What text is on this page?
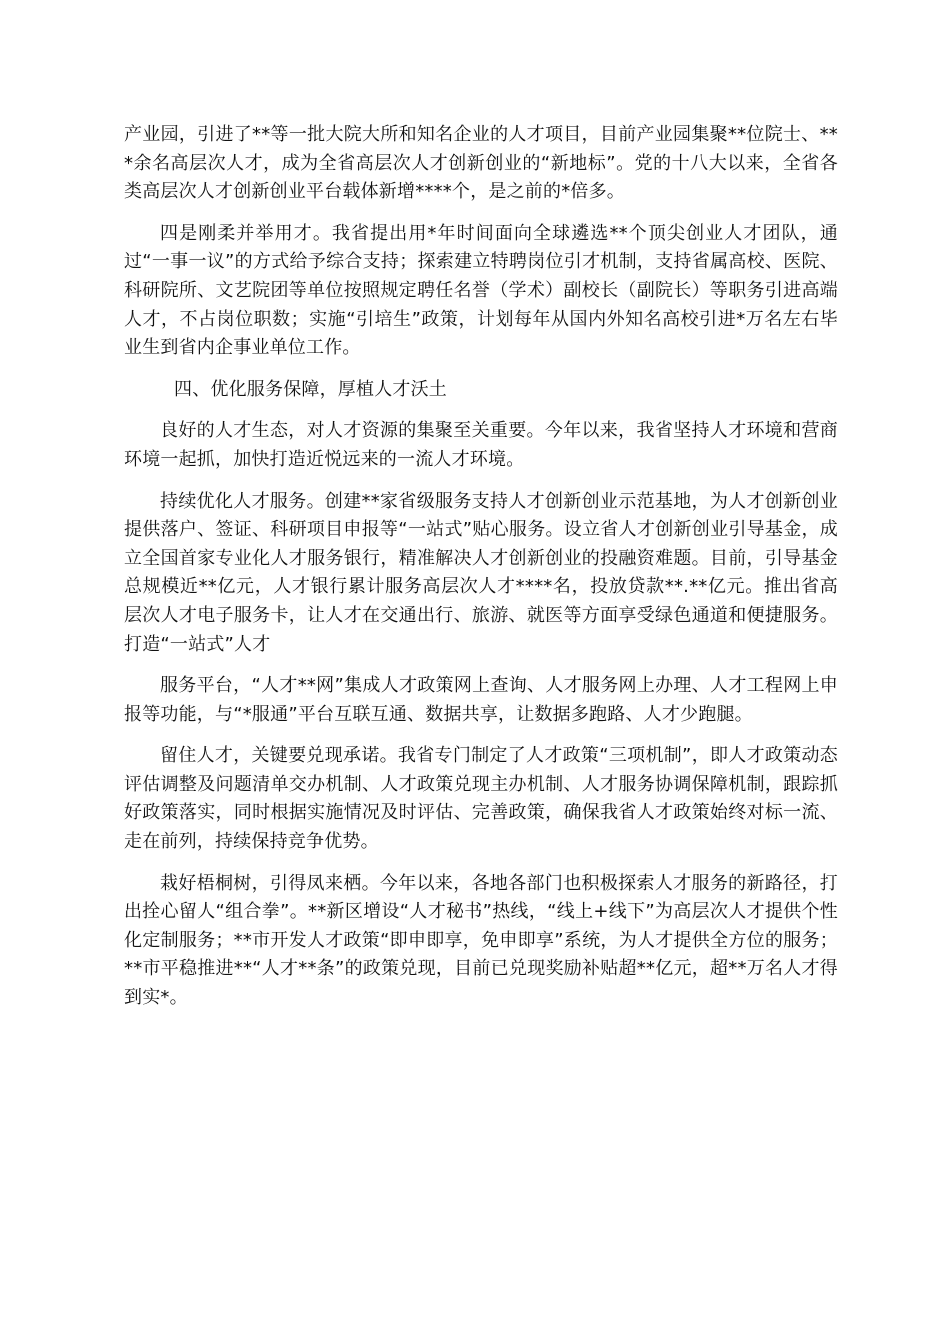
产业园，引进了**等一批大院大所和知名企业的人才项目，目前产业园集聚**位院士、***余名高层次人才，成为全省高层次人才创新创业的“新地标”。党的十八大以来，全省各类高层次人才创新创业平台载体新增****个，是之前的*倍多。

四是刚柔并举用才。我省提出用*年时间面向全球遴选**个顶尖创业人才团队，通过“一事一议”的方式给予综合支持；探索建立特聘岗位引才机制，支持省属高校、医院、科研院所、文艺院团等单位按照规定聘任名誉（学术）副校长（副院长）等职务引进高端人才，不占岗位职数；实施“引培生”政策，计划每年从国内外知名高校引进*万名左右毕业生到省内企事业单位工作。

四、优化服务保障，厚植人才沃土

良好的人才生态，对人才资源的集聚至关重要。今年以来，我省坚持人才环境和营商环境一起抓，加快打造近悦远来的一流人才环境。

持续优化人才服务。创建**家省级服务支持人才创新创业示范基地，为人才创新创业提供落户、签证、科研项目申报等“一站式”贴心服务。设立省人才创新创业引导基金，成立全国首家专业化人才服务银行，精准解决人才创新创业的投融资难题。目前，引导基金总规模近**亿元，人才银行累计服务高层次人才****名，投放贷款**.**亿元。推出省高层次人才电子服务卡，让人才在交通出行、旅游、就医等方面享受绿色通道和便捷服务。打造“一站式”人才

服务平台，“人才**网”集成人才政策网上查询、人才服务网上办理、人才工程网上申报等功能，与“*服通”平台互联互通、数据共享，让数据多跑路、人才少跑腿。

留住人才，关键要兑现承诺。我省专门制定了人才政策“三项机制”，即人才政策动态评估调整及问题清单交办机制、人才政策兑现主办机制、人才服务协调保障机制，跟踪抓好政策落实，同时根据实施情况及时评估、完善政策，确保我省人才政策始终对标一流、走在前列，持续保持竞争优势。

栽好梧桐树，引得凤来栖。今年以来，各地各部门也积极探索人才服务的新路径，打出拴心留人“组合拳”。**新区增设“人才秘书”热线，“线上+线下”为高层次人才提供个性化定制服务；**市开发人才政策“即申即享，免申即享”系统，为人才提供全方位的服务；**市平稳推进**“人才**条”的政策兑现，目前已兑现奖励补贴超**亿元，超**万名人才得到实*。
